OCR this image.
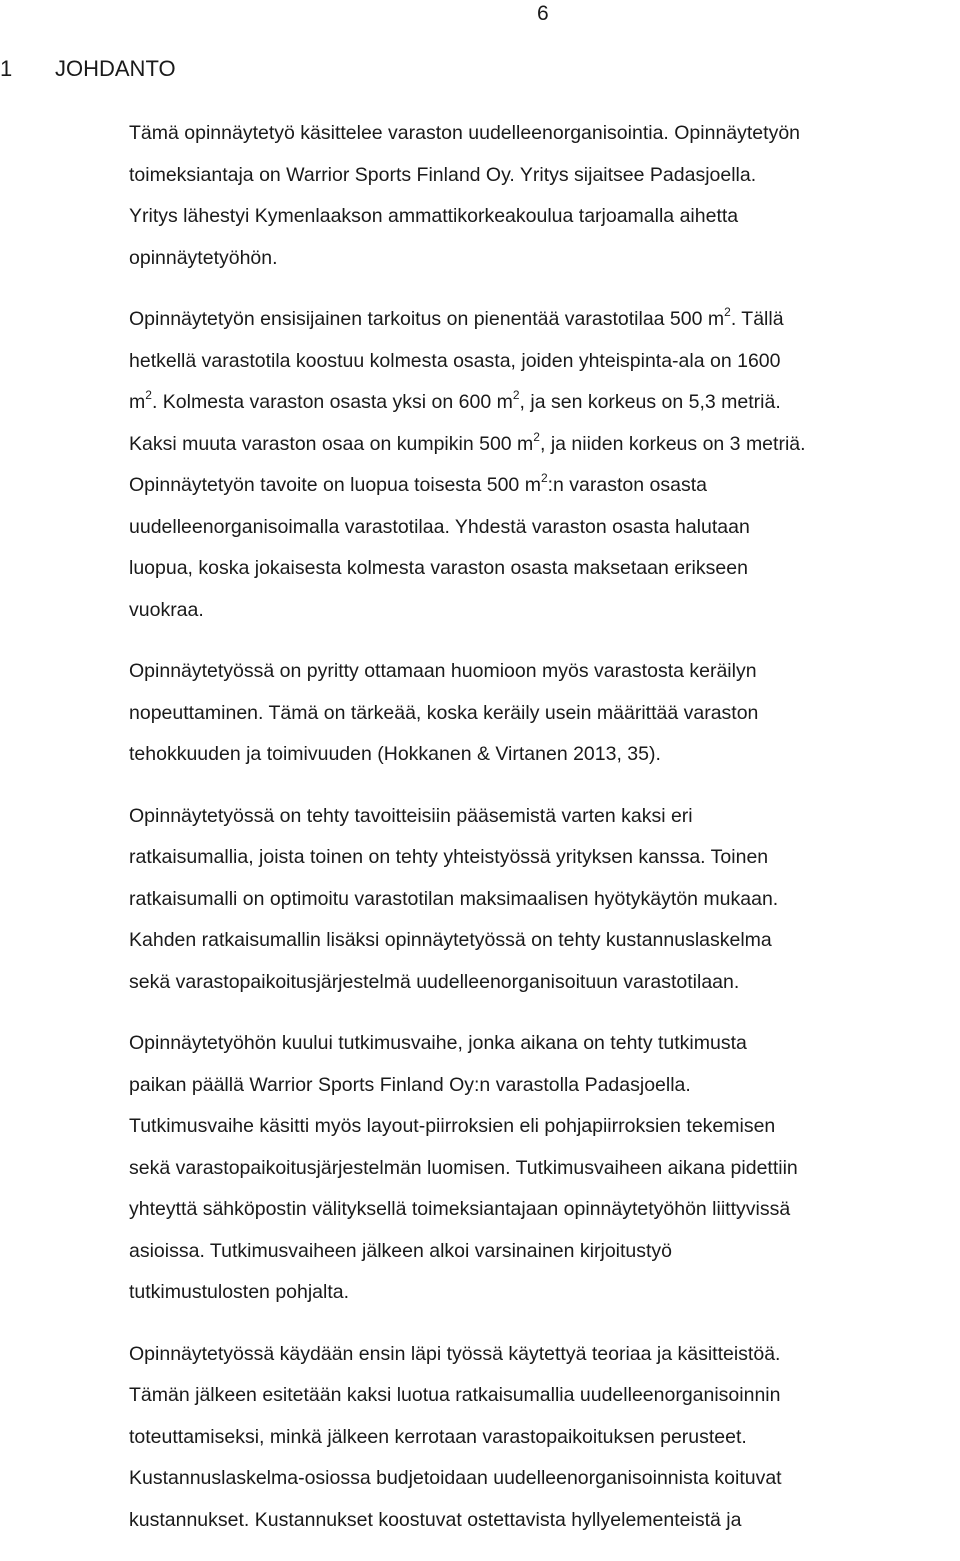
6
1 JOHDANTO
Tämä opinnäytetyö käsittelee varaston uudelleenorganisointia. Opinnäytetyön
toimeksiantaja on Warrior Sports Finland Oy. Yritys sijaitsee Padasjoella.
Yritys lähestyi Kymenlaakson ammattikorkeakoulua tarjoamalla aihetta
opinnäytetyöhön.
Opinnäytetyön ensisijainen tarkoitus on pienentää varastotilaa 500 $m^2$. Tällä
hetkellä varastotila koostuu kolmesta osasta, joiden yhteispinta-ala on 1600
$m^2$. Kolmesta varaston osasta yksi on 600 $m^2$, ja sen korkeus on 5,3 metriä.
Kaksi muuta varaston osaa on kumpikin 500 $m^2$, ja niiden korkeus on 3 metriä.
Opinnäytetyön tavoite on luopua toisesta 500 $m^2:n$ varaston osasta
uudelleenorganisoimalla varastotilaa. Yhdestä varaston osasta halutaan
luopua, koska jokaisesta kolmesta varaston osasta maksetaan erikseen
vuokraa.
Opinnäytetyössä on pyritty ottamaan huomioon myös varastosta keräilyn
nopeuttaminen. Tämä on tärkeää, koska keräily usein määrittää varaston
tehokkuuden ja toimivuuden (Hokkanen & Virtanen 2013, 35).
Opinnäytetyössä on tehty tavoitteisiin pääsemistä varten kaksi eri
ratkaisumallia, joista toinen on tehty yhteistyössä yrityksen kanssa. Toinen
ratkaisumalli on optimoitu varastotilan maksimaalisen hyötykäytön mukaan.
Kahden ratkaisumallin lisäksi opinnäytetyössä on tehty kustannuslaskelma
sekä varastopaikoitusjärjestelmä uudelleenorganisoituun varastotilaan.
Opinnäytetyöhön kuului tutkimusvaihe, jonka aikana on tehty tutkimusta
paikan päällä Warrior Sports Finland Oy:n varastolla Padasjoella.
Tutkimusvaihe käsitti myös layout-piirroksien eli pohjapiirroksien tekemisen
sekä varastopaikoitusjärjestelmän luomisen. Tutkimusvaiheen aikana pidettiin
yhteyttä sähköpostin välityksellä toimeksiantajaan opinnäytetyöhön liittyvissä
asioissa. Tutkimusvaiheen jälkeen alkoi varsinainen kirjoitustyö
tutkimustulosten pohjalta.
Opinnäytetyössä käydään ensin läpi työssä käytettyä teoriaa ja käsitteistöä.
Tämän jälkeen esitetään kaksi luotua ratkaisumallia uudelleenorganisoinnin
toteuttamiseksi, minkä jälkeen kerrotaan varastopaikoituksen perusteet.
Kustannuslaskelma-osiossa budjetoidaan uudelleenorganisoinnista koituvat
kustannukset. Kustannukset koostuvat ostettavista hyllyelementeistä ja
